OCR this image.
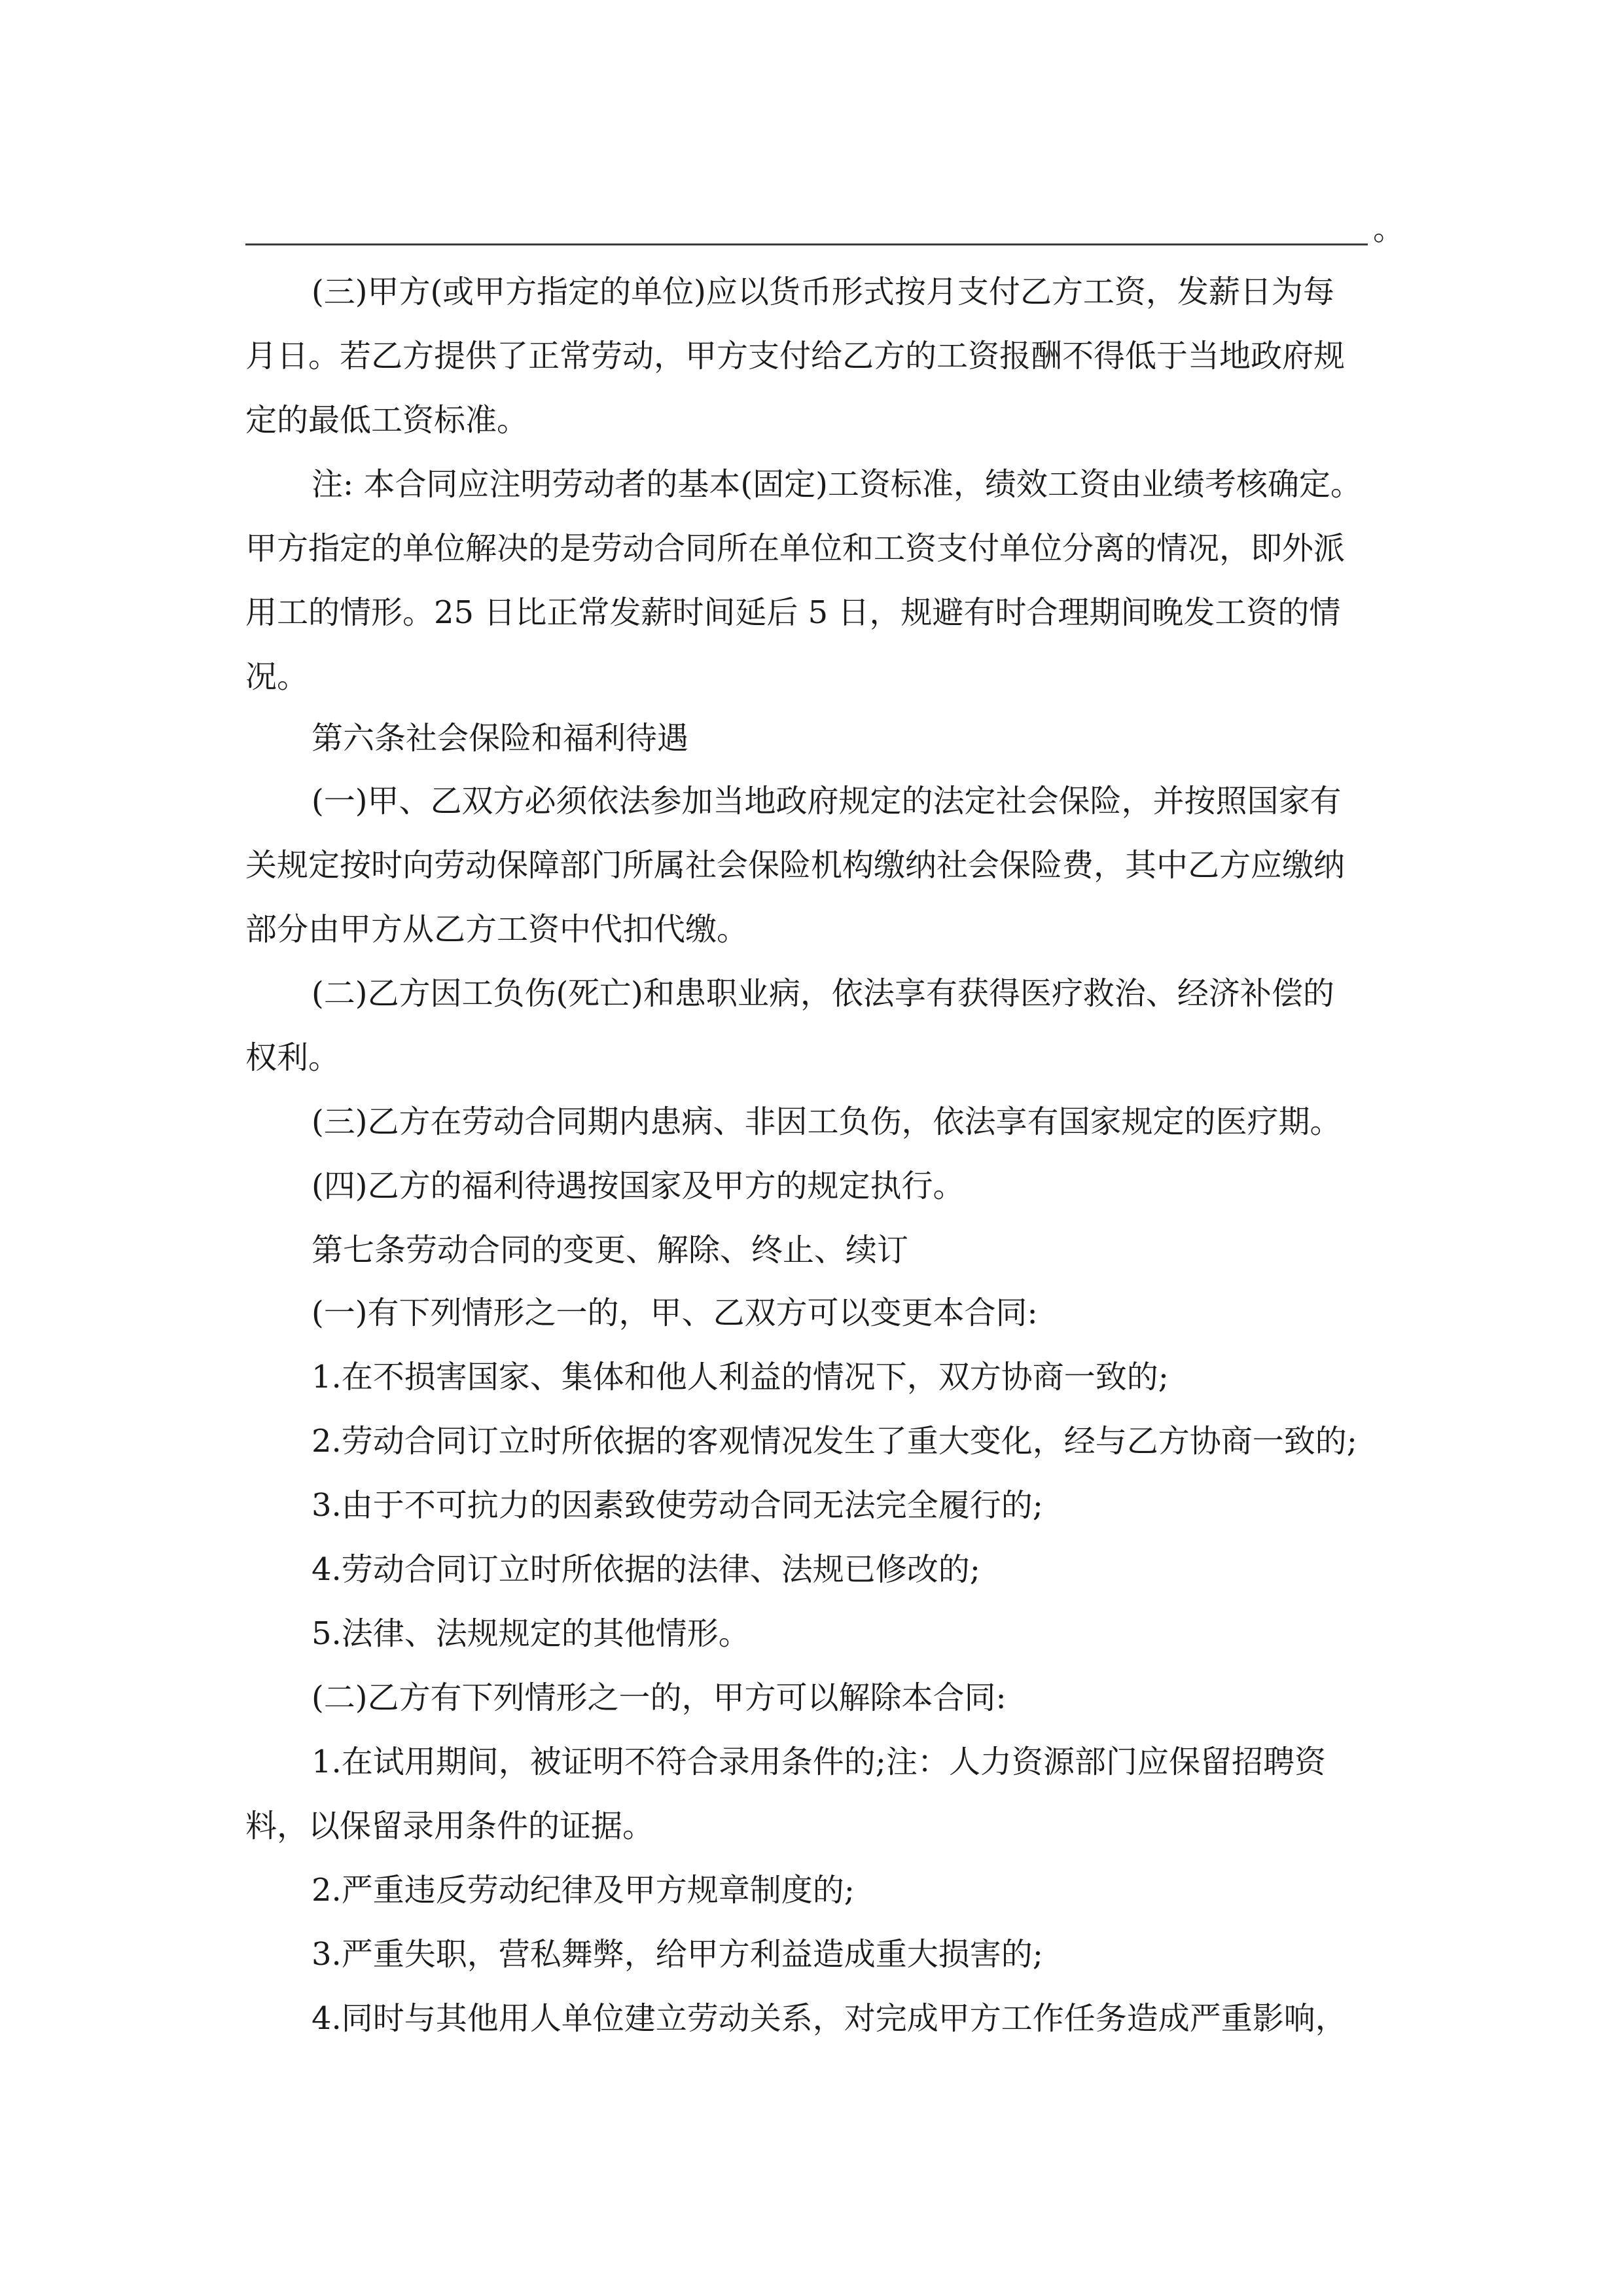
。
(三)甲方(或甲方指定的单位)应以货币形式按月支付乙方工资，发薪日为每
月日。若乙方提供了正常劳动，甲方支付给乙方的工资报酬不得低于当地政府规
定的最低工资标准。
注: 本合同应注明劳动者的基本(固定)工资标准，绩效工资由业绩考核确定。
甲方指定的单位解决的是劳动合同所在单位和工资支付单位分离的情况，即外派
用工的情形。25 日比正常发薪时间延后 5 日，规避有时合理期间晚发工资的情
况。
第六条社会保险和福利待遇
(一)甲、乙双方必须依法参加当地政府规定的法定社会保险，并按照国家有
关规定按时向劳动保障部门所属社会保险机构缴纳社会保险费，其中乙方应缴纳
部分由甲方从乙方工资中代扣代缴。
(二)乙方因工负伤(死亡)和患职业病，依法享有获得医疗救治、经济补偿的
权利。
(三)乙方在劳动合同期内患病、非因工负伤，依法享有国家规定的医疗期。
(四)乙方的福利待遇按国家及甲方的规定执行。
第七条劳动合同的变更、解除、终止、续订
(一)有下列情形之一的，甲、乙双方可以变更本合同:
1.在不损害国家、集体和他人利益的情况下，双方协商一致的;
2.劳动合同订立时所依据的客观情况发生了重大变化，经与乙方协商一致的;
3.由于不可抗力的因素致使劳动合同无法完全履行的;
4.劳动合同订立时所依据的法律、法规已修改的;
5.法律、法规规定的其他情形。
(二)乙方有下列情形之一的，甲方可以解除本合同:
1.在试用期间，被证明不符合录用条件的;注：人力资源部门应保留招聘资
料，以保留录用条件的证据。
2.严重违反劳动纪律及甲方规章制度的;
3.严重失职，营私舞弊，给甲方利益造成重大损害的;
4.同时与其他用人单位建立劳动关系，对完成甲方工作任务造成严重影响，
